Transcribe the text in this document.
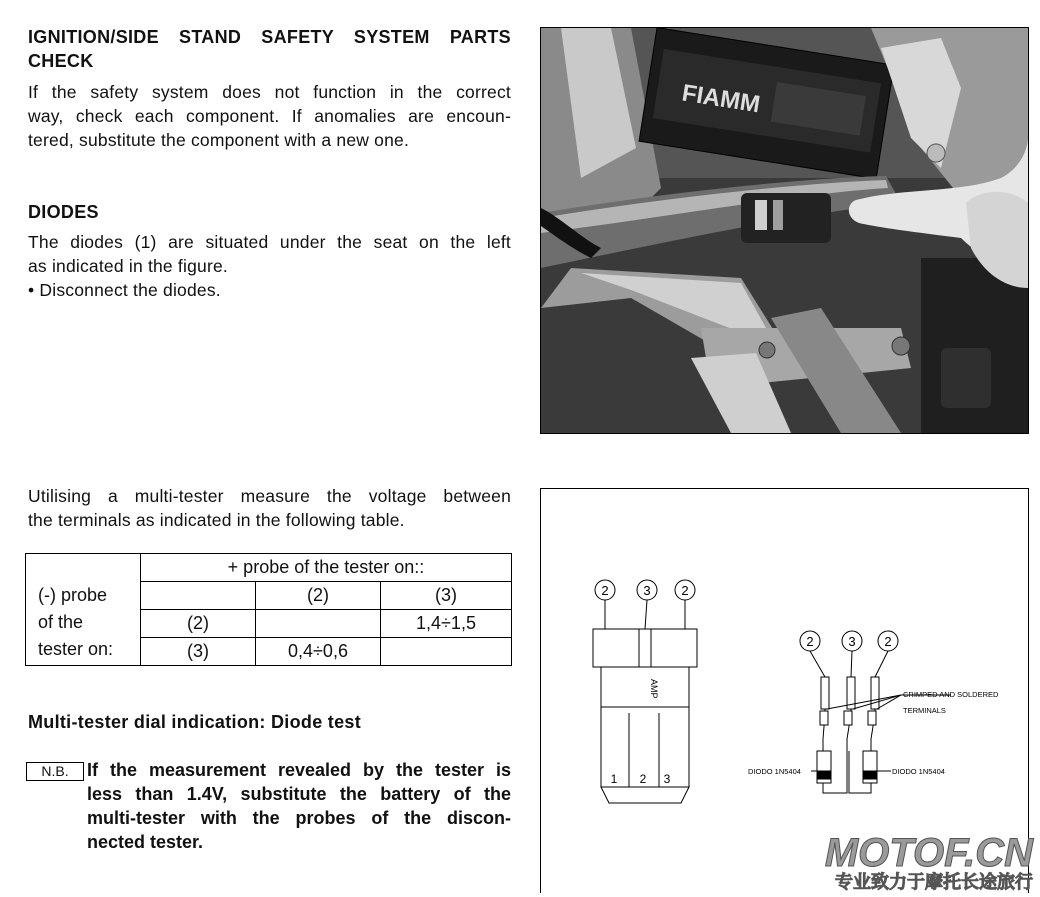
IGNITION/SIDE STAND SAFETY SYSTEM PARTS
CHECK
If the safety system does not function in the correct
way, check each component. If anomalies are encoun-
tered, substitute the component with a new one.
DIODES
The diodes (1) are situated under the seat on the left
as indicated in the figure.
• Disconnect the diodes.
FIAMM
Utilising a multi-tester measure the voltage between
the terminals as indicated in the following table.
	+ probe of the tester on::		

(-) probe
of the
tester on:		(2)	(3)
	(2)		1,4÷1,5
	(3)	0,4÷0,6	
Multi-tester dial indication: Diode test
N.B.	If the measurement revealed by the tester is
less than 1.4V, substitute the battery of the
multi-tester with the probes of the discon-
nected tester.
2	3 2
AMP
1 2 3
2	3 2
CRIMPED AND SOLDERED
TERMINALS
DIODO 1N5404	DIODO 1N5404
MOTOF.CN
专业致力于摩托长途旅行
